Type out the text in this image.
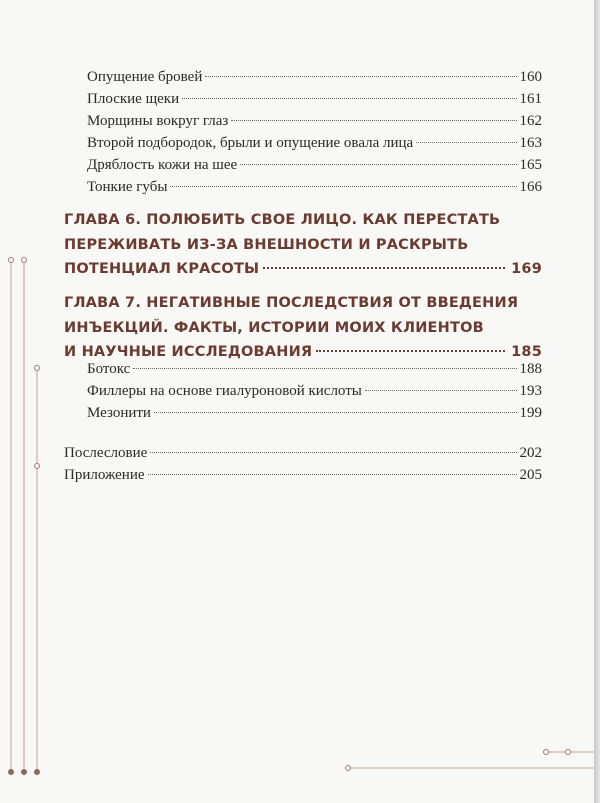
Опущение бровей	160
Плоские щеки	161
Морщины вокруг глаз	162
Второй подбородок, брыли и опущение овала лица	163
Дряблость кожи на шее	165
Тонкие губы	166
ГЛАВА 6. ПОЛЮБИТЬ СВОЕ ЛИЦО. КАК ПЕРЕСТАТЬ
ПЕРЕЖИВАТЬ ИЗ-ЗА ВНЕШНОСТИ И РАСКРЫТЬ
ПОТЕНЦИАЛ КРАСОТЫ	169
ГЛАВА 7. НЕГАТИВНЫЕ ПОСЛЕДСТВИЯ ОТ ВВЕДЕНИЯ
ИНЪЕКЦИЙ. ФАКТЫ, ИСТОРИИ МОИХ КЛИЕНТОВ
И НАУЧНЫЕ ИССЛЕДОВАНИЯ	185
Ботокс	188
Филлеры на основе гиалуроновой кислоты	193
Мезонити	199
Послесловие	202
Приложение	205
